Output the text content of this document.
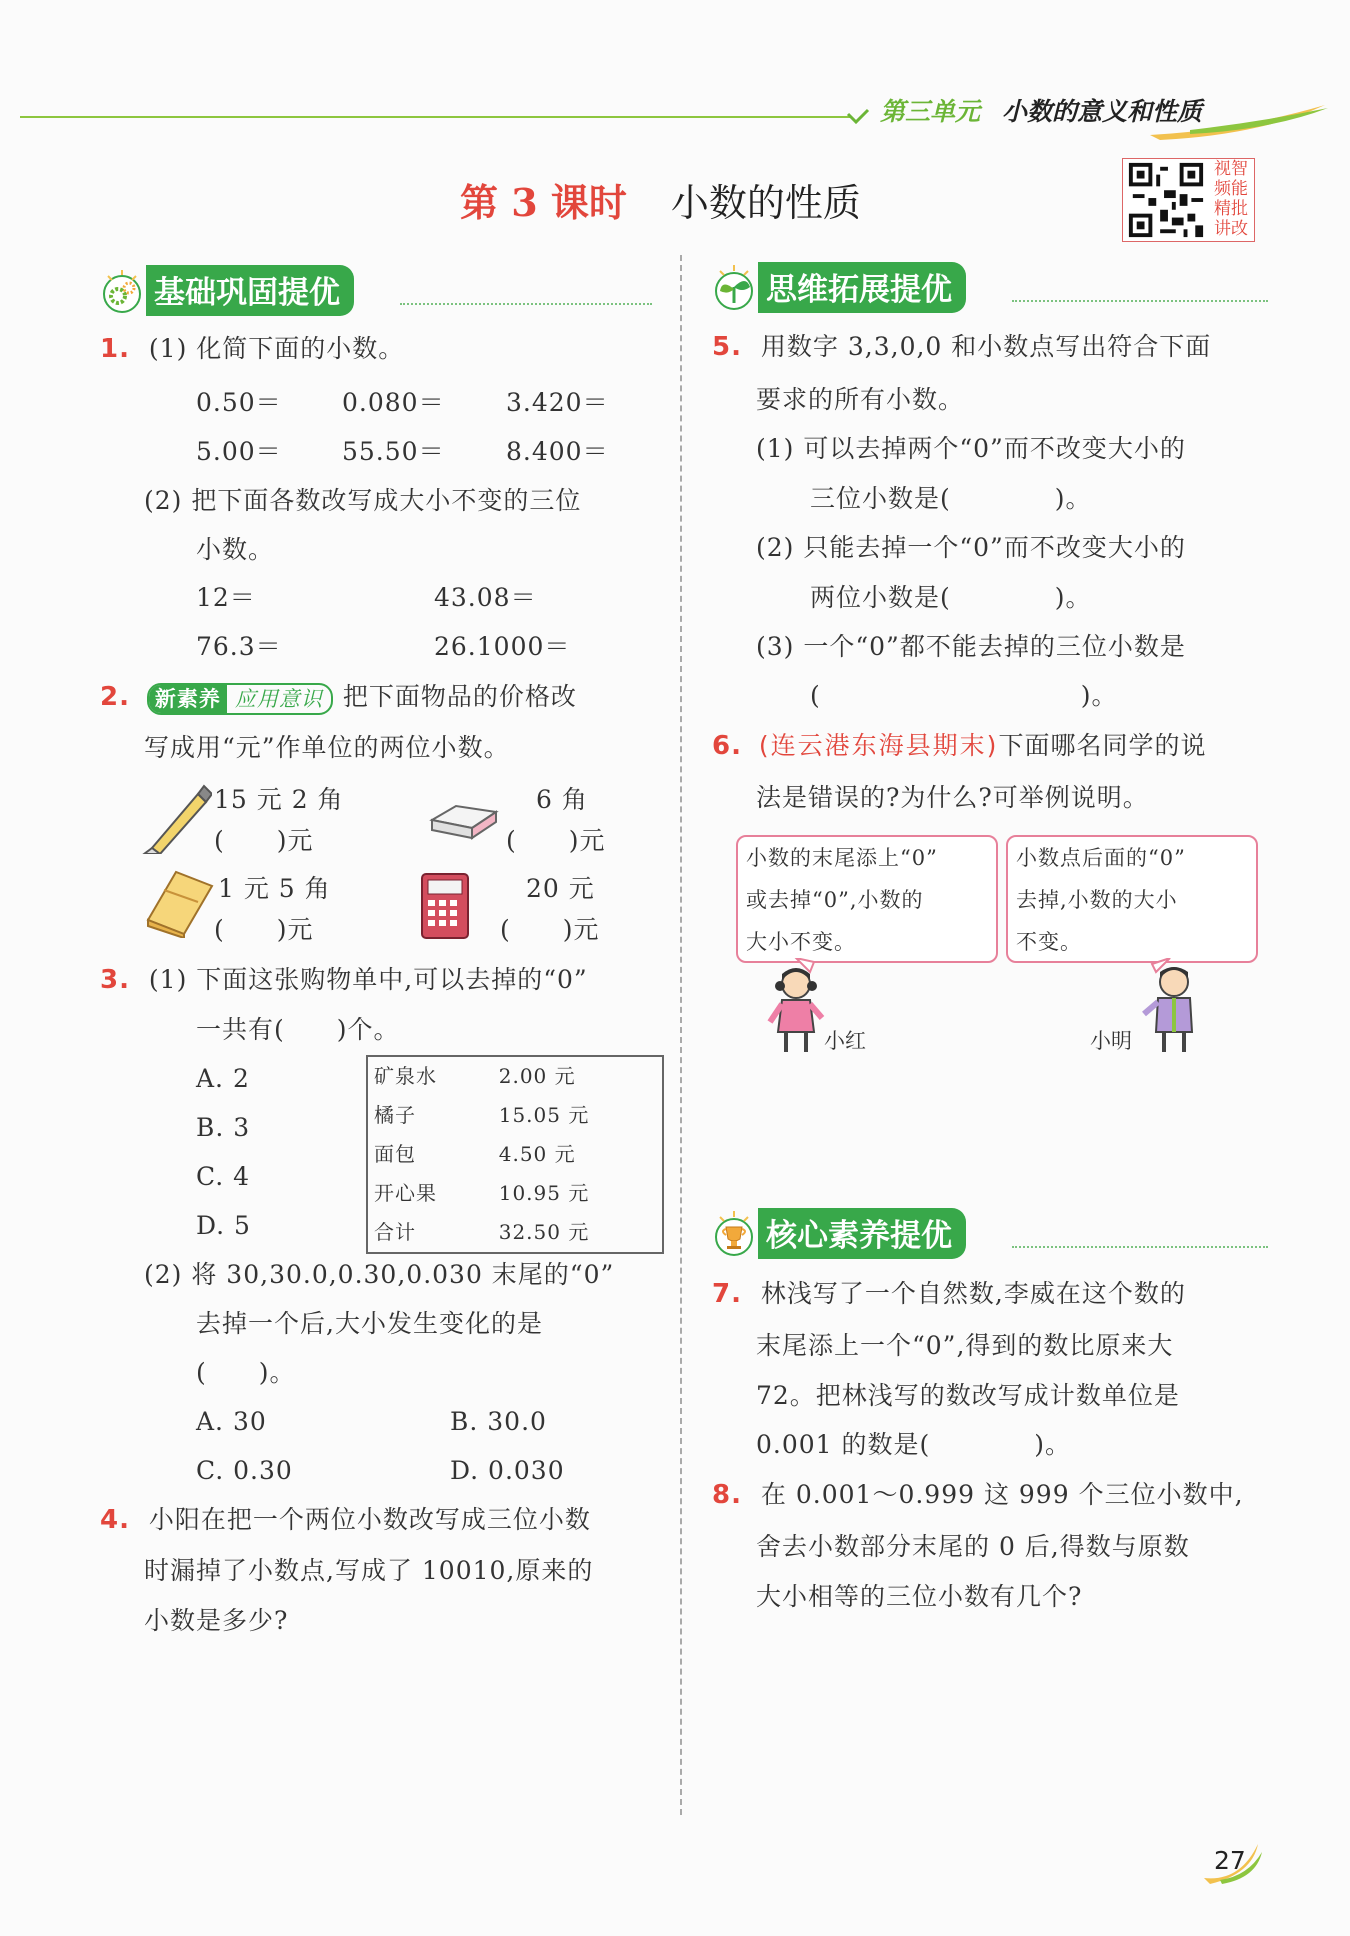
第三单元 小数的意义和性质
第 3 课时 小数的性质
视智
频能
精批
讲改
基础巩固提优
1. (1) 化简下面的小数。
0.50＝ 0.080＝ 3.420＝
5.00＝ 55.50＝ 8.400＝
(2) 把下面各数改写成大小不变的三位
小数。
12＝	43.08＝
76.3＝	26.1000＝
2. 新素养 应用意识 把下面物品的价格改
写成用“元”作单位的两位小数。
15 元 2 角
(　　)元
6 角
(　　)元
1 元 5 角
(　　)元
20 元
(　　)元
3. (1) 下面这张购物单中,可以去掉的“0”
一共有(　　)个。
A. 2
B. 3
C. 4
D. 5
矿泉水	2.00 元
橘子	15.05 元
面包	4.50 元
开心果	10.95 元
合计	32.50 元
(2) 将 30,30.0,0.30,0.030 末尾的“0”
去掉一个后,大小发生变化的是
(　　)。
A. 30	B. 30.0
C. 0.30	D. 0.030
4. 小阳在把一个两位小数改写成三位小数
时漏掉了小数点,写成了 10010,原来的
小数是多少?
思维拓展提优
5. 用数字 3,3,0,0 和小数点写出符合下面
要求的所有小数。
(1) 可以去掉两个“0”而不改变大小的
三位小数是(　　　　)。
(2) 只能去掉一个“0”而不改变大小的
两位小数是(　　　　)。
(3) 一个“0”都不能去掉的三位小数是
(　　　　　　　　　　)。
6. (连云港东海县期末)下面哪名同学的说
法是错误的?为什么?可举例说明。
小数的末尾添上“0”
或去掉“0”,小数的
大小不变。
小数点后面的“0”
去掉,小数的大小
不变。
小红	小明
核心素养提优
7. 林浅写了一个自然数,李威在这个数的
末尾添上一个“0”,得到的数比原来大
72。把林浅写的数改写成计数单位是
0.001 的数是(　　　　)。
8. 在 0.001～0.999 这 999 个三位小数中,
舍去小数部分末尾的 0 后,得数与原数
大小相等的三位小数有几个?
27
